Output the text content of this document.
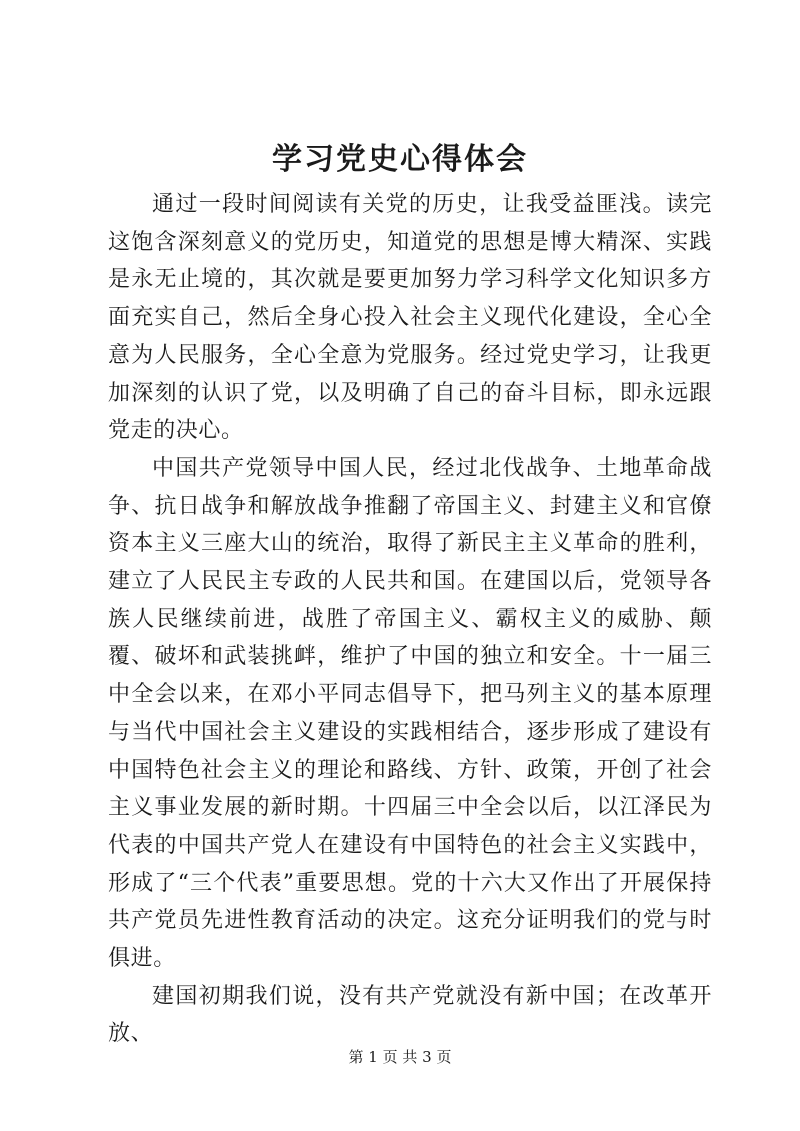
学习党史心得体会

通过一段时间阅读有关党的历史，让我受益匪浅。读完这饱含深刻意义的党历史，知道党的思想是博大精深、实践是永无止境的，其次就是要更加努力学习科学文化知识多方面充实自己，然后全身心投入社会主义现代化建设，全心全意为人民服务，全心全意为党服务。经过党史学习，让我更加深刻的认识了党，以及明确了自己的奋斗目标，即永远跟党走的决心。

中国共产党领导中国人民，经过北伐战争、土地革命战争、抗日战争和解放战争推翻了帝国主义、封建主义和官僚资本主义三座大山的统治，取得了新民主主义革命的胜利，建立了人民民主专政的人民共和国。在建国以后，党领导各族人民继续前进，战胜了帝国主义、霸权主义的威胁、颠覆、破坏和武装挑衅，维护了中国的独立和安全。十一届三中全会以来，在邓小平同志倡导下，把马列主义的基本原理与当代中国社会主义建设的实践相结合，逐步形成了建设有中国特色社会主义的理论和路线、方针、政策，开创了社会主义事业发展的新时期。十四届三中全会以后，以江泽民为代表的中国共产党人在建设有中国特色的社会主义实践中，形成了“三个代表”重要思想。党的十六大又作出了开展保持共产党员先进性教育活动的决定。这充分证明我们的党与时俱进。

建国初期我们说，没有共产党就没有新中国；在改革开放、

第 1 页 共 3 页
